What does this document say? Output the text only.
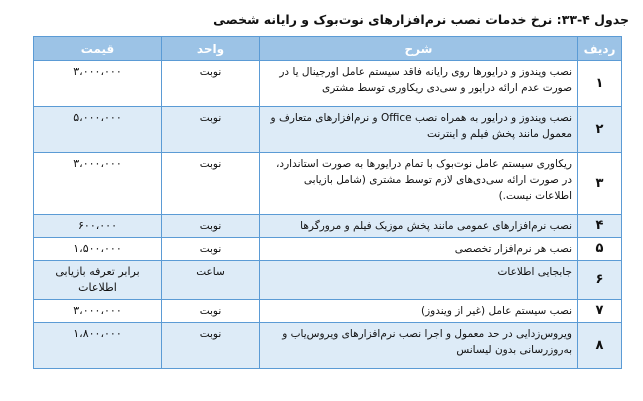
جدول ۴-۳۳: نرخ خدمات نصب نرم‌افزارهای نوت‌بوک و رایانه شخصی
ردیف	شرح	واحد	قیمت
۱	نصب ویندوز و درایورها روی رایانه فاقد سیستم عامل اورجینال یا در صورت عدم ارائه درایور و سی‌دی ریکاوری توسط مشتری	نوبت	۳،۰۰۰،۰۰۰
۲	نصب ویندوز و درایور به همراه نصب Office و نرم‌افزارهای متعارف و معمول مانند پخش فیلم و اینترنت	نوبت	۵،۰۰۰،۰۰۰
۳	ریکاوری سیستم عامل نوت‌بوک با تمام درایورها به صورت استاندارد، در صورت ارائه سی‌دی‌های لازم توسط مشتری (شامل بازیابی اطلاعات نیست.)	نوبت	۳،۰۰۰،۰۰۰
۴	نصب نرم‌افزارهای عمومی مانند پخش موزیک فیلم و مرورگرها	نوبت	۶۰۰،۰۰۰
۵	نصب هر نرم‌افزار تخصصی	نوبت	۱،۵۰۰،۰۰۰
۶	جابجایی اطلاعات	ساعت	برابر تعرفه بازیابی اطلاعات
۷	نصب سیستم عامل (غیر از ویندوز)	نوبت	۳،۰۰۰،۰۰۰
۸	ویروس‌زدایی در حد معمول و اجرا نصب نرم‌افزارهای ویروس‌یاب و به‌روزرسانی بدون لیسانس	نوبت	۱،۸۰۰،۰۰۰
